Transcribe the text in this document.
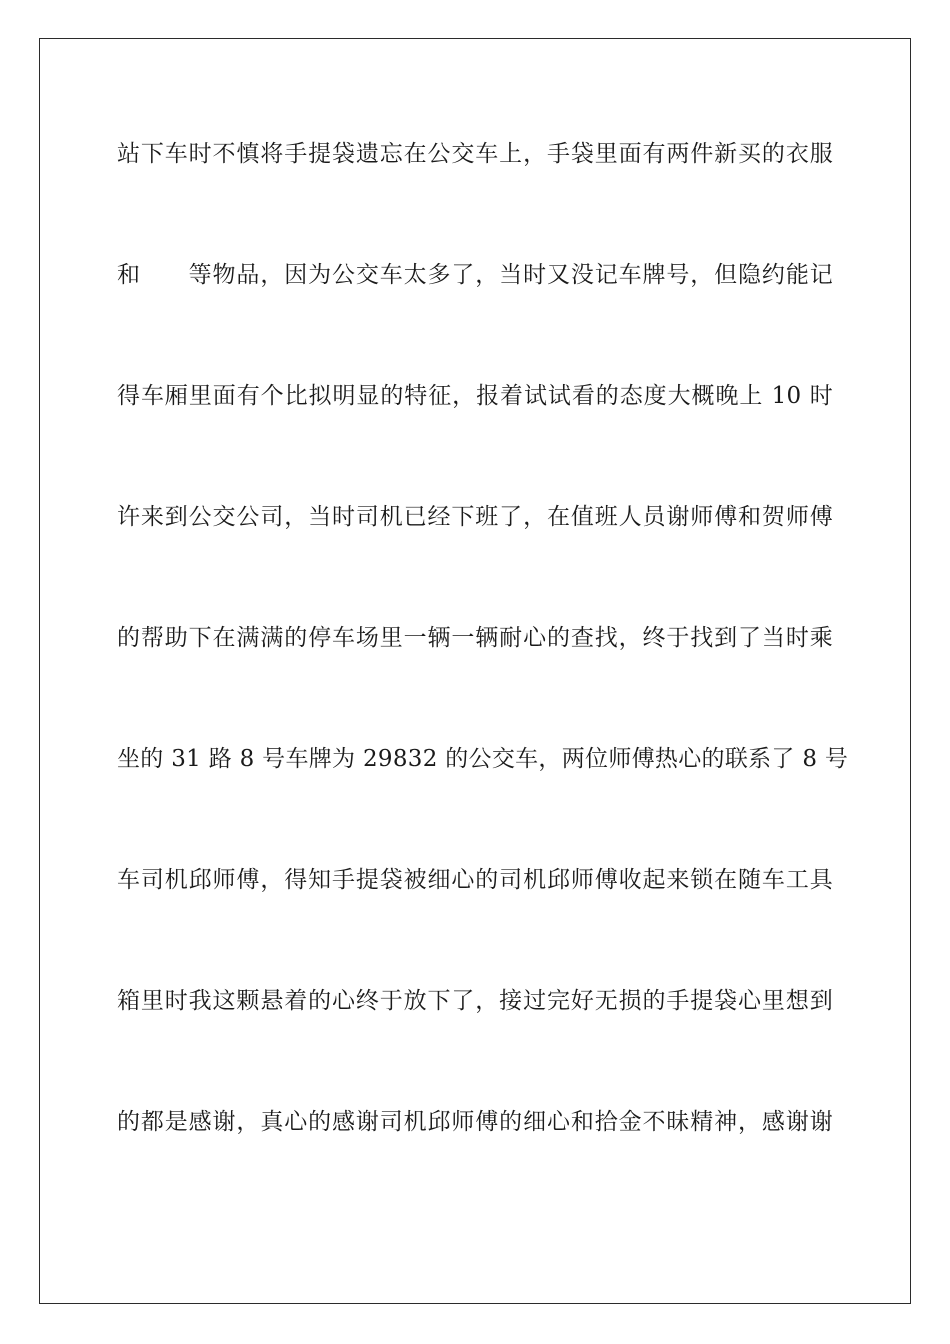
站下车时不慎将手提袋遗忘在公交车上，手袋里面有两件新买的衣服
和　　等物品，因为公交车太多了，当时又没记车牌号，但隐约能记
得车厢里面有个比拟明显的特征，报着试试看的态度大概晚上 10 时
许来到公交公司，当时司机已经下班了，在值班人员谢师傅和贺师傅
的帮助下在满满的停车场里一辆一辆耐心的查找，终于找到了当时乘
坐的 31 路 8 号车牌为 29832 的公交车，两位师傅热心的联系了 8 号
车司机邱师傅，得知手提袋被细心的司机邱师傅收起来锁在随车工具
箱里时我这颗悬着的心终于放下了，接过完好无损的手提袋心里想到
的都是感谢，真心的感谢司机邱师傅的细心和拾金不昧精神，感谢谢
